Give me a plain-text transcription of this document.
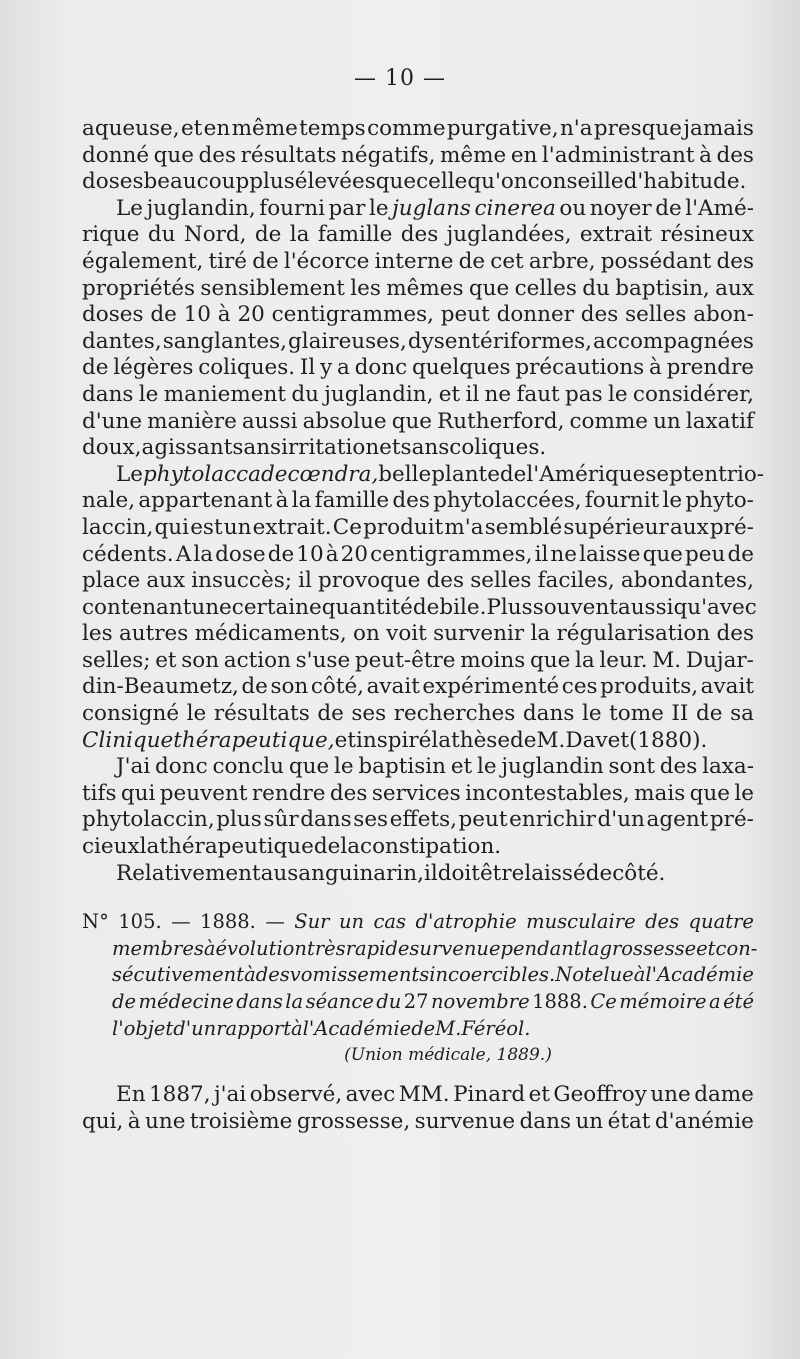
— 10 —
aqueuse, et en même temps comme purgative, n'a presque jamais
donné que des résultats négatifs, même en l'administrant à des
doses beaucoup plus élevées que celle qu'on conseille d'habitude.
Le juglandin, fourni par le juglans cinerea ou noyer de l'Amé-
rique du Nord, de la famille des juglandées, extrait résineux
également, tiré de l'écorce interne de cet arbre, possédant des
propriétés sensiblement les mêmes que celles du baptisin, aux
doses de 10 à 20 centigrammes, peut donner des selles abon-
dantes, sanglantes, glaireuses, dysentériformes, accompagnées
de légères coliques. Il y a donc quelques précautions à prendre
dans le maniement du juglandin, et il ne faut pas le considérer,
d'une manière aussi absolue que Rutherford, comme un laxatif
doux, agissant sans irritation et sans coliques.
Le phytolacca decœndra, belle plante de l'Amérique septentrio-
nale, appartenant à la famille des phytolaccées, fournit le phyto-
laccin, qui est un extrait. Ce produit m'a semblé supérieur aux pré-
cédents. A la dose de 10 à 20 centigrammes, il ne laisse que peu de
place aux insuccès; il provoque des selles faciles, abondantes,
contenant une certaine quantité de bile. Plus souvent aussi qu'avec
les autres médicaments, on voit survenir la régularisation des
selles; et son action s'use peut-être moins que la leur. M. Dujar-
din-Beaumetz, de son côté, avait expérimenté ces produits, avait
consigné le résultats de ses recherches dans le tome II de sa
Clinique thérapeutique, et inspiré la thèse de M. Davet (1880).
J'ai donc conclu que le baptisin et le juglandin sont des laxa-
tifs qui peuvent rendre des services incontestables, mais que le
phytolaccin, plus sûr dans ses effets, peut enrichir d'un agent pré-
cieux la thérapeutique de la constipation.
Relativement au sanguinarin, il doit être laissé de côté.
N° 105. — 1888. — Sur un cas d'atrophie musculaire des quatre
membres à évolution très rapide survenue pendant la grossesse et con-
sécutivement à des vomissements incoercibles. Note lue à l'Académie
de médecine dans la séance du 27 novembre 1888. Ce mémoire a été
l'objet d'un rapport à l'Académie de M. Féréol.
(Union médicale, 1889.)
En 1887, j'ai observé, avec MM. Pinard et Geoffroy une dame
qui, à une troisième grossesse, survenue dans un état d'anémie
